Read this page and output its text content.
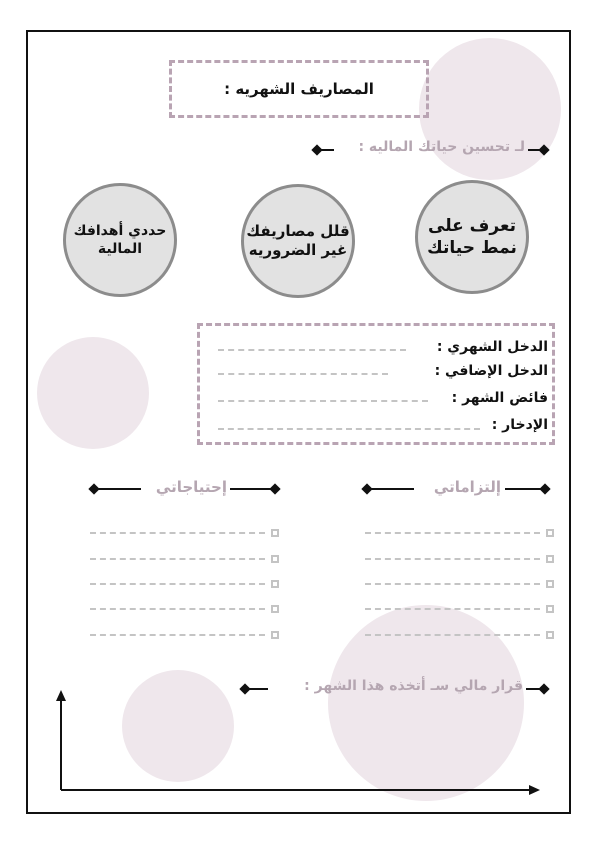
المصاريف الشهريه :
لـ تحسين حياتك الماليه :
تعرف على
نمط حياتك
قلل مصاريفك
غير الضروريه
حددي أهدافك
المالية
الدخل الشهري :
الدخل الإضافي :
فائض الشهر :
الإدخار :
إلتزاماتي
إحتياجاتي
قرار مالي سـ أتخذه هذا الشهر :
